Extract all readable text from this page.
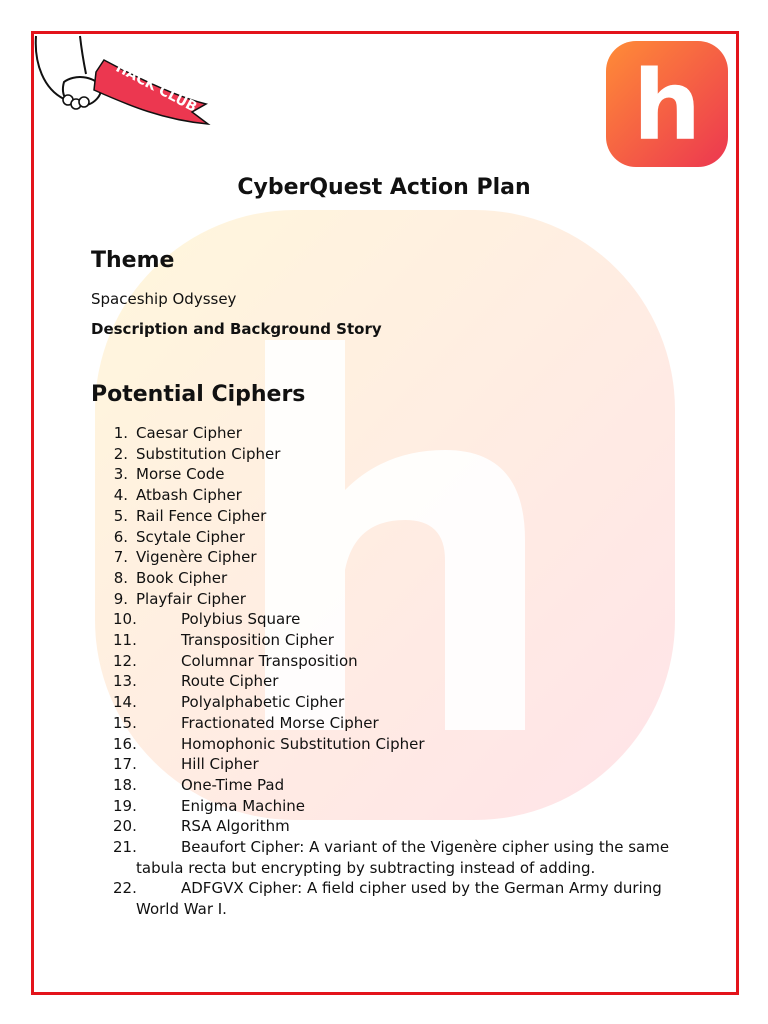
HACK CLUB	h
CyberQuest Action Plan
Theme
Spaceship Odyssey
Description and Background Story
Potential Ciphers
1. Caesar Cipher
2. Substitution Cipher
3. Morse Code
4. Atbash Cipher
5. Rail Fence Cipher
6. Scytale Cipher
7. Vigenère Cipher
8. Book Cipher
9. Playfair Cipher
10.	Polybius Square
11.	Transposition Cipher
12.	Columnar Transposition
13.	Route Cipher
14.	Polyalphabetic Cipher
15.	Fractionated Morse Cipher
16.	Homophonic Substitution Cipher
17.	Hill Cipher
18.	One-Time Pad
19.	Enigma Machine
20.	RSA Algorithm
21.	Beaufort Cipher: A variant of the Vigenère cipher using the same
tabula recta but encrypting by subtracting instead of adding.
22.	ADFGVX Cipher: A field cipher used by the German Army during
World War I.
